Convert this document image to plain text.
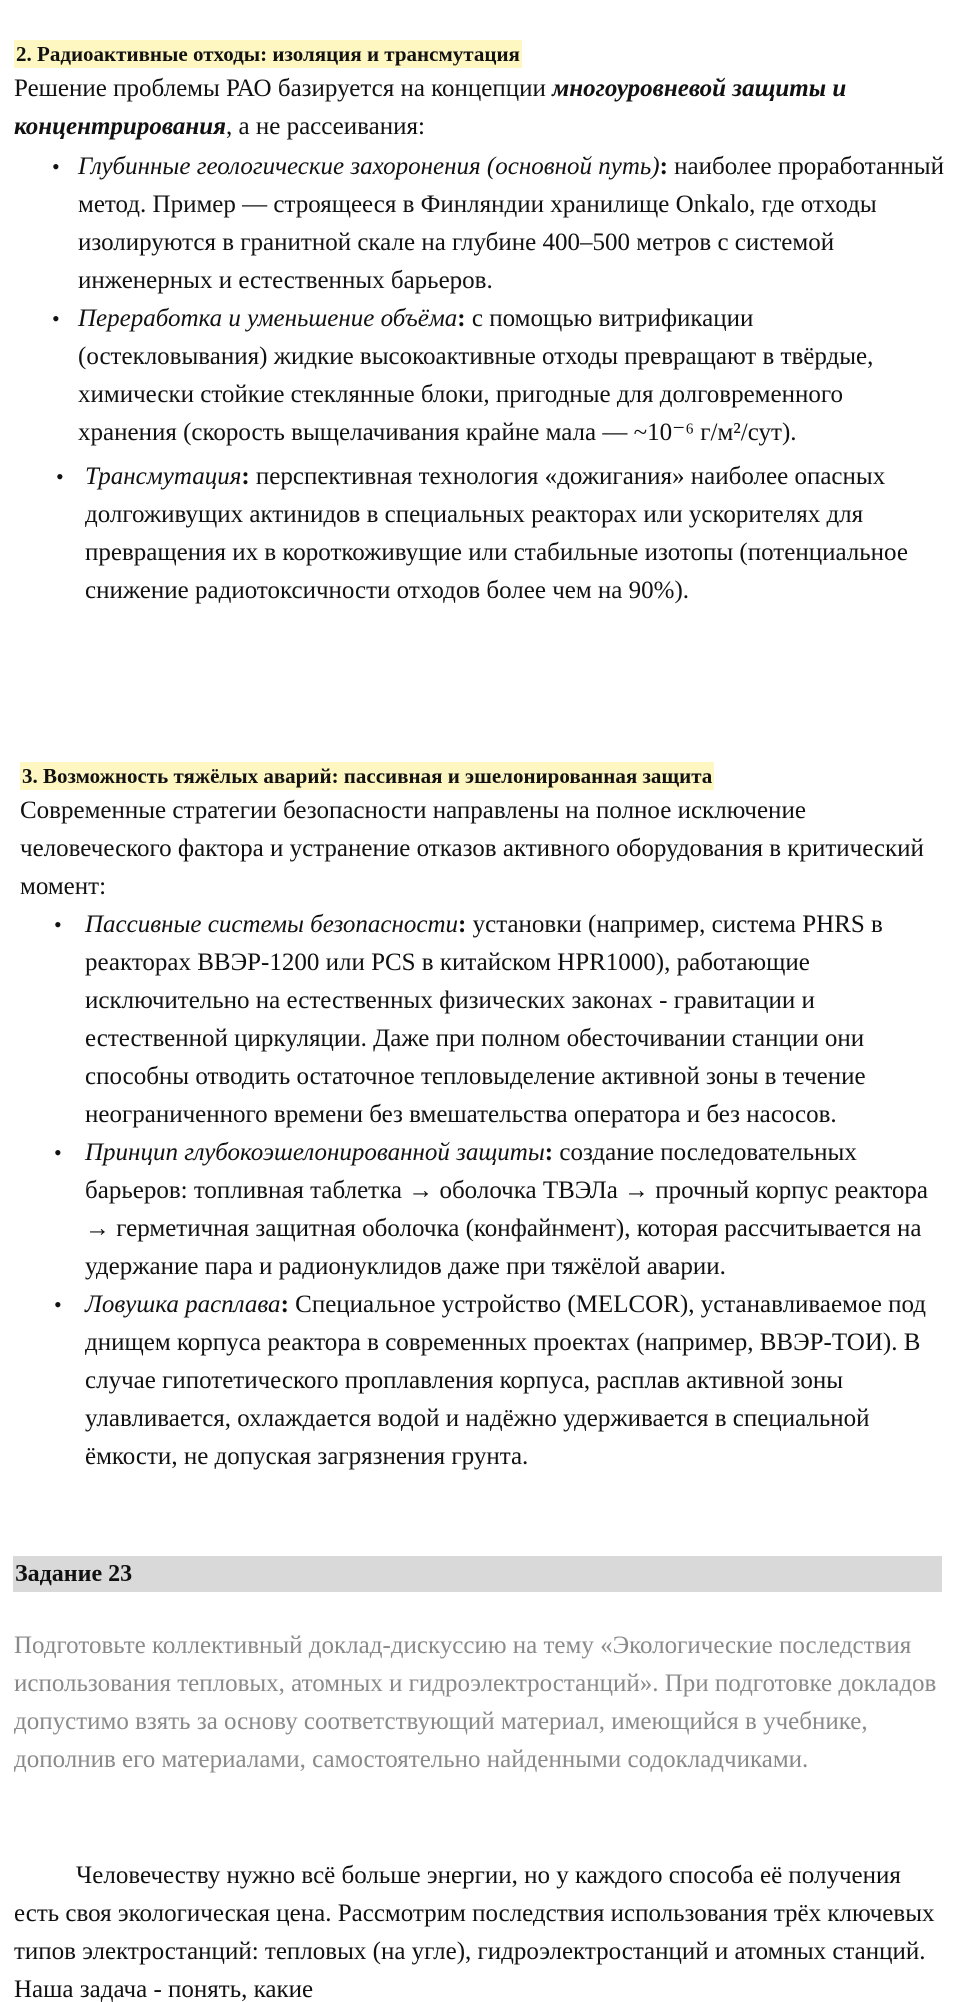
2. Радиоактивные отходы: изоляция и трансмутация

Решение проблемы РАО базируется на концепции многоуровневой защиты и концентрирования, а не рассеивания:

• Глубинные геологические захоронения (основной путь): наиболее проработанный метод. Пример — строящееся в Финляндии хранилище Onkalo, где отходы изолируются в гранитной скале на глубине 400–500 метров с системой инженерных и естественных барьеров.
• Переработка и уменьшение объёма: с помощью витрификации (остекловывания) жидкие высокоактивные отходы превращают в твёрдые, химически стойкие стеклянные блоки, пригодные для долговременного хранения (скорость выщелачивания крайне мала — ~10⁻⁶ г/м²/сут).
• Трансмутация: перспективная технология «дожигания» наиболее опасных долгоживущих актинидов в специальных реакторах или ускорителях для превращения их в короткоживущие или стабильные изотопы (потенциальное снижение радиотоксичности отходов более чем на 90%).
3. Возможность тяжёлых аварий: пассивная и эшелонированная защита

Современные стратегии безопасности направлены на полное исключение человеческого фактора и устранение отказов активного оборудования в критический момент:

• Пассивные системы безопасности: установки (например, система PHRS в реакторах ВВЭР-1200 или PCS в китайском HPR1000), работающие исключительно на естественных физических законах - гравитации и естественной циркуляции. Даже при полном обесточивании станции они способны отводить остаточное тепловыделение активной зоны в течение неограниченного времени без вмешательства оператора и без насосов.
• Принцип глубокоэшелонированной защиты: создание последовательных барьеров: топливная таблетка → оболочка ТВЭЛа → прочный корпус реактора → герметичная защитная оболочка (конфайнмент), которая рассчитывается на удержание пара и радионуклидов даже при тяжёлой аварии.
• Ловушка расплава: Специальное устройство (MELCOR), устанавливаемое под днищем корпуса реактора в современных проектах (например, ВВЭР-ТОИ). В случае гипотетического проплавления корпуса, расплав активной зоны улавливается, охлаждается водой и надёжно удерживается в специальной ёмкости, не допуская загрязнения грунта.
Задание 23

Подготовьте коллективный доклад-дискуссию на тему «Экологические последствия использования тепловых, атомных и гидроэлектростанций». При подготовке докладов допустимо взять за основу соответствующий материал, имеющийся в учебнике, дополнив его материалами, самостоятельно найденными содокладчиками.

Человечеству нужно всё больше энергии, но у каждого способа её получения есть своя экологическая цена. Рассмотрим последствия использования трёх ключевых типов электростанций: тепловых (на угле), гидроэлектростанций и атомных станций. Наша задача - понять, какие
